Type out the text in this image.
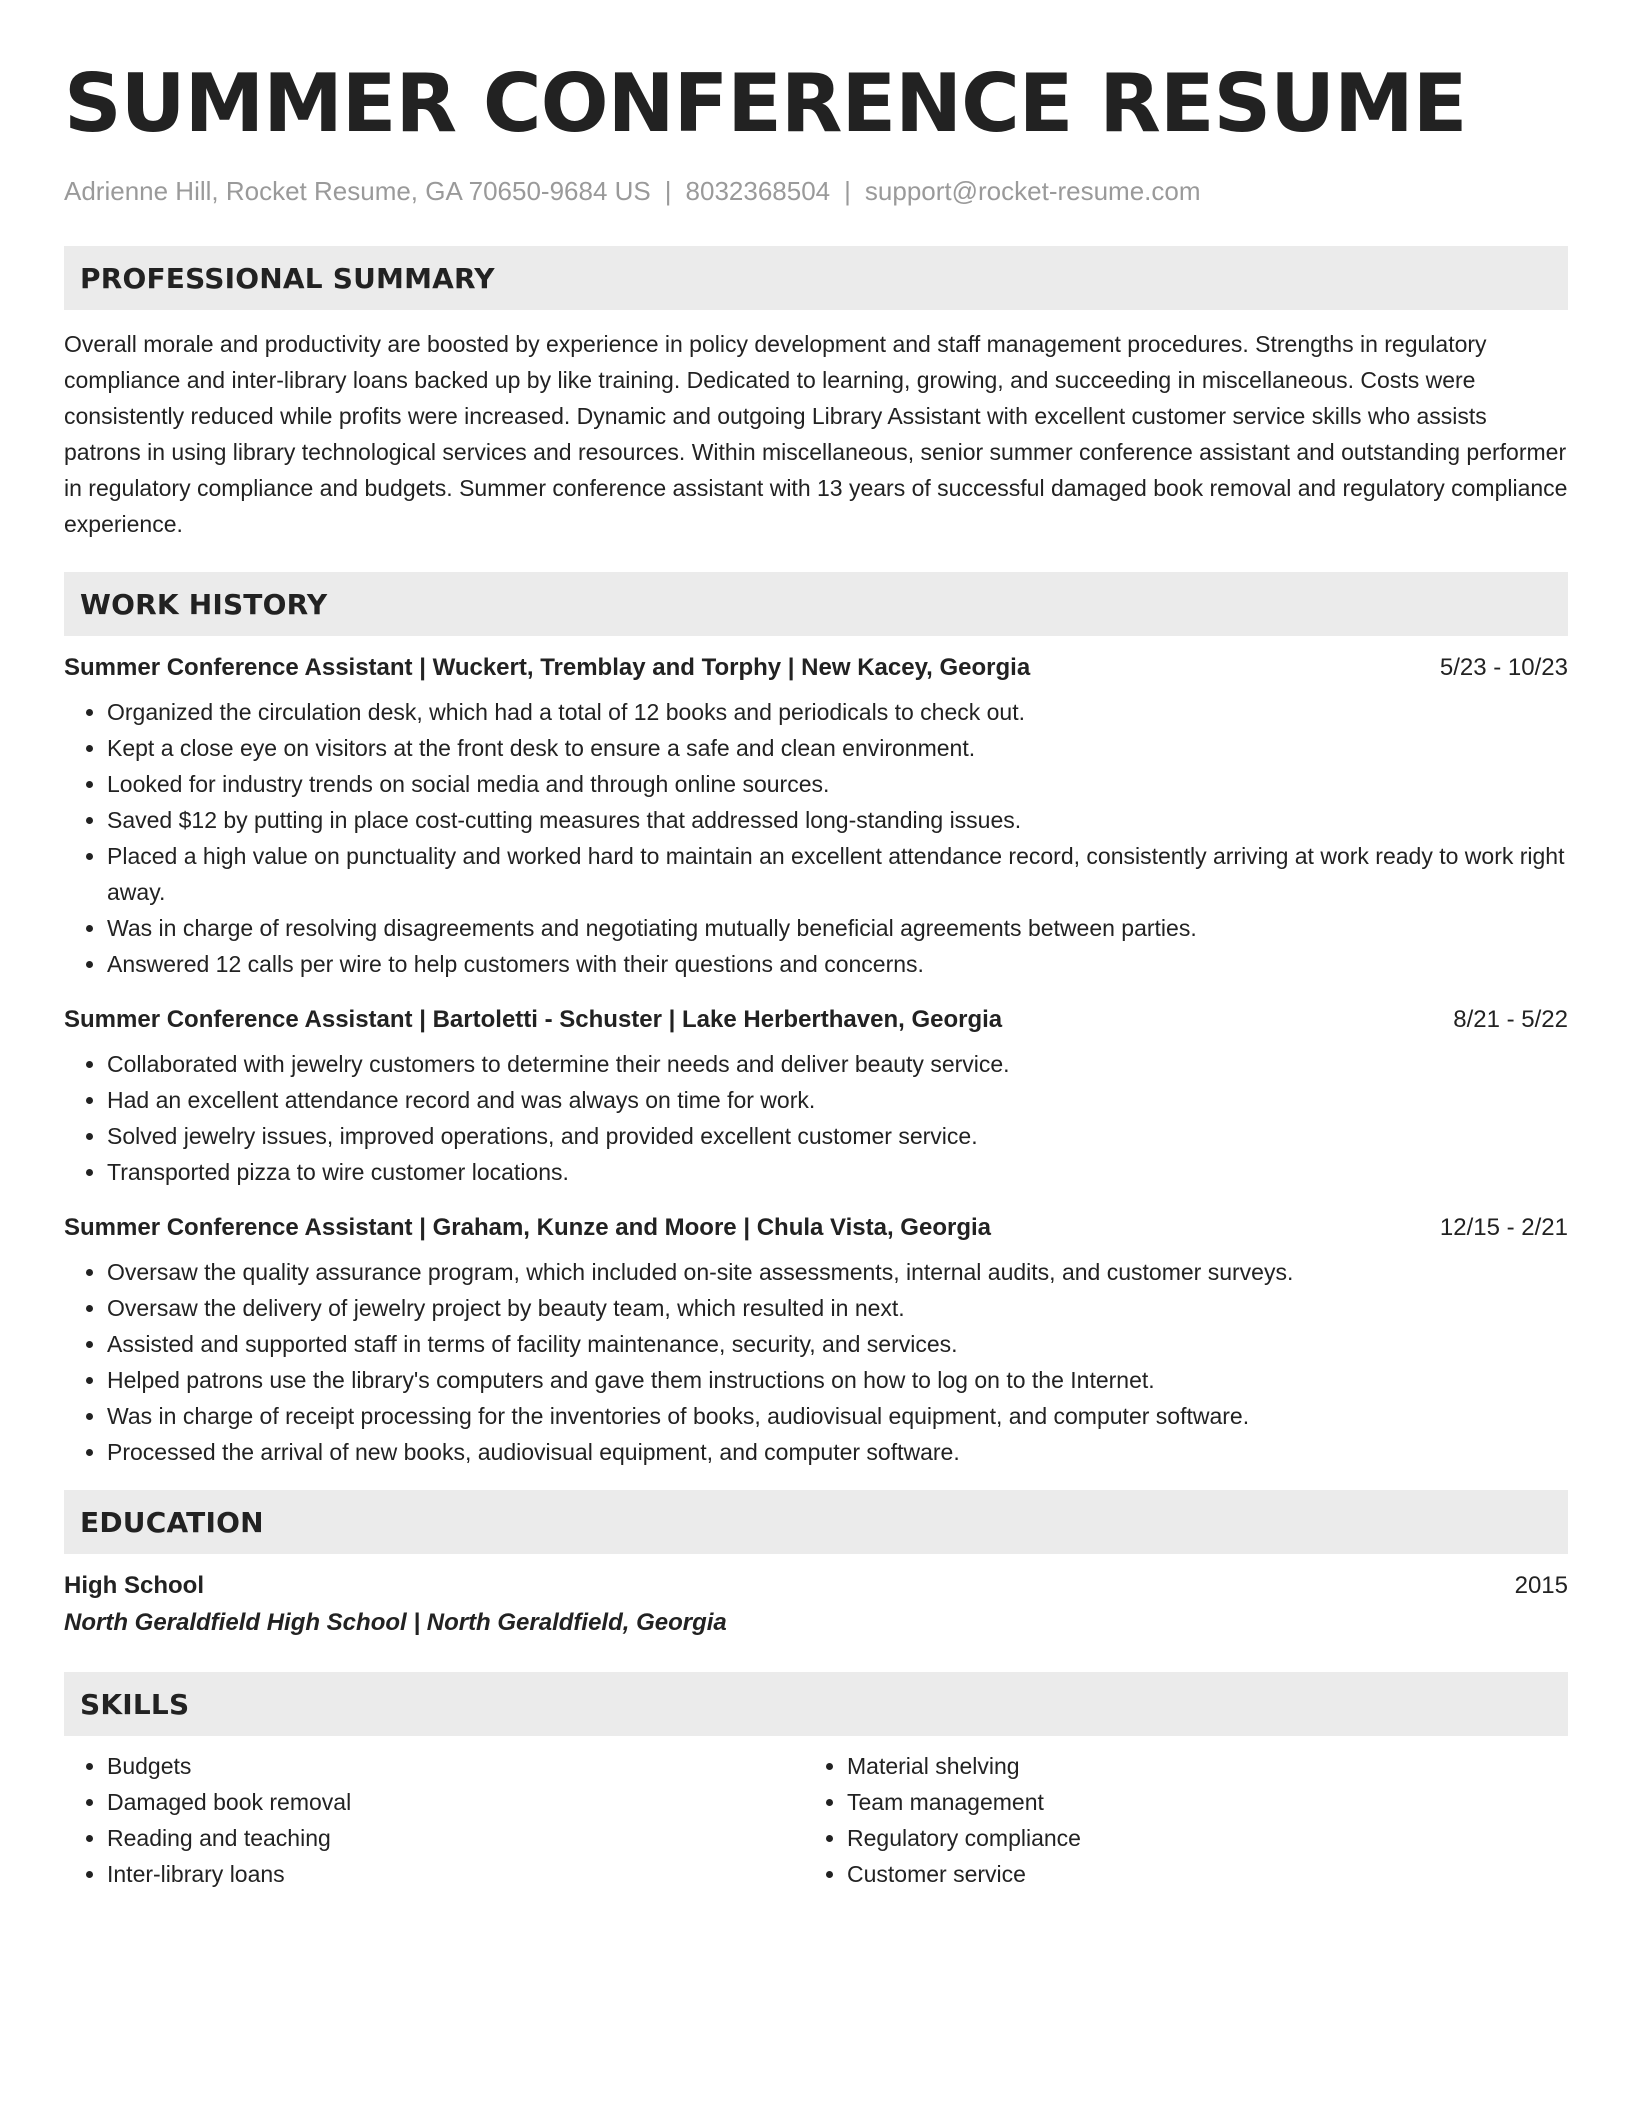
SUMMER CONFERENCE RESUME
Adrienne Hill, Rocket Resume, GA 70650-9684 US | 8032368504 | support@rocket-resume.com
PROFESSIONAL SUMMARY

Overall morale and productivity are boosted by experience in policy development and staff management procedures. Strengths in regulatory compliance and inter-library loans backed up by like training. Dedicated to learning, growing, and succeeding in miscellaneous. Costs were consistently reduced while profits were increased. Dynamic and outgoing Library Assistant with excellent customer service skills who assists patrons in using library technological services and resources. Within miscellaneous, senior summer conference assistant and outstanding performer in regulatory compliance and budgets. Summer conference assistant with 13 years of successful damaged book removal and regulatory compliance experience.

WORK HISTORY
Summer Conference Assistant | Wuckert, Tremblay and Torphy | New Kacey, Georgia	5/23 - 10/23
• Organized the circulation desk, which had a total of 12 books and periodicals to check out.
• Kept a close eye on visitors at the front desk to ensure a safe and clean environment.
• Looked for industry trends on social media and through online sources.
• Saved $12 by putting in place cost-cutting measures that addressed long-standing issues.
• Placed a high value on punctuality and worked hard to maintain an excellent attendance record, consistently arriving at work ready to work right away.
• Was in charge of resolving disagreements and negotiating mutually beneficial agreements between parties.
• Answered 12 calls per wire to help customers with their questions and concerns.
Summer Conference Assistant | Bartoletti - Schuster | Lake Herberthaven, Georgia	8/21 - 5/22
• Collaborated with jewelry customers to determine their needs and deliver beauty service.
• Had an excellent attendance record and was always on time for work.
• Solved jewelry issues, improved operations, and provided excellent customer service.
• Transported pizza to wire customer locations.
Summer Conference Assistant | Graham, Kunze and Moore | Chula Vista, Georgia	12/15 - 2/21
• Oversaw the quality assurance program, which included on-site assessments, internal audits, and customer surveys.
• Oversaw the delivery of jewelry project by beauty team, which resulted in next.
• Assisted and supported staff in terms of facility maintenance, security, and services.
• Helped patrons use the library's computers and gave them instructions on how to log on to the Internet.
• Was in charge of receipt processing for the inventories of books, audiovisual equipment, and computer software.
• Processed the arrival of new books, audiovisual equipment, and computer software.
EDUCATION
High School	2015
North Geraldfield High School | North Geraldfield, Georgia
SKILLS
• Budgets
• Damaged book removal
• Reading and teaching
• Inter-library loans
• Material shelving
• Team management
• Regulatory compliance
• Customer service
